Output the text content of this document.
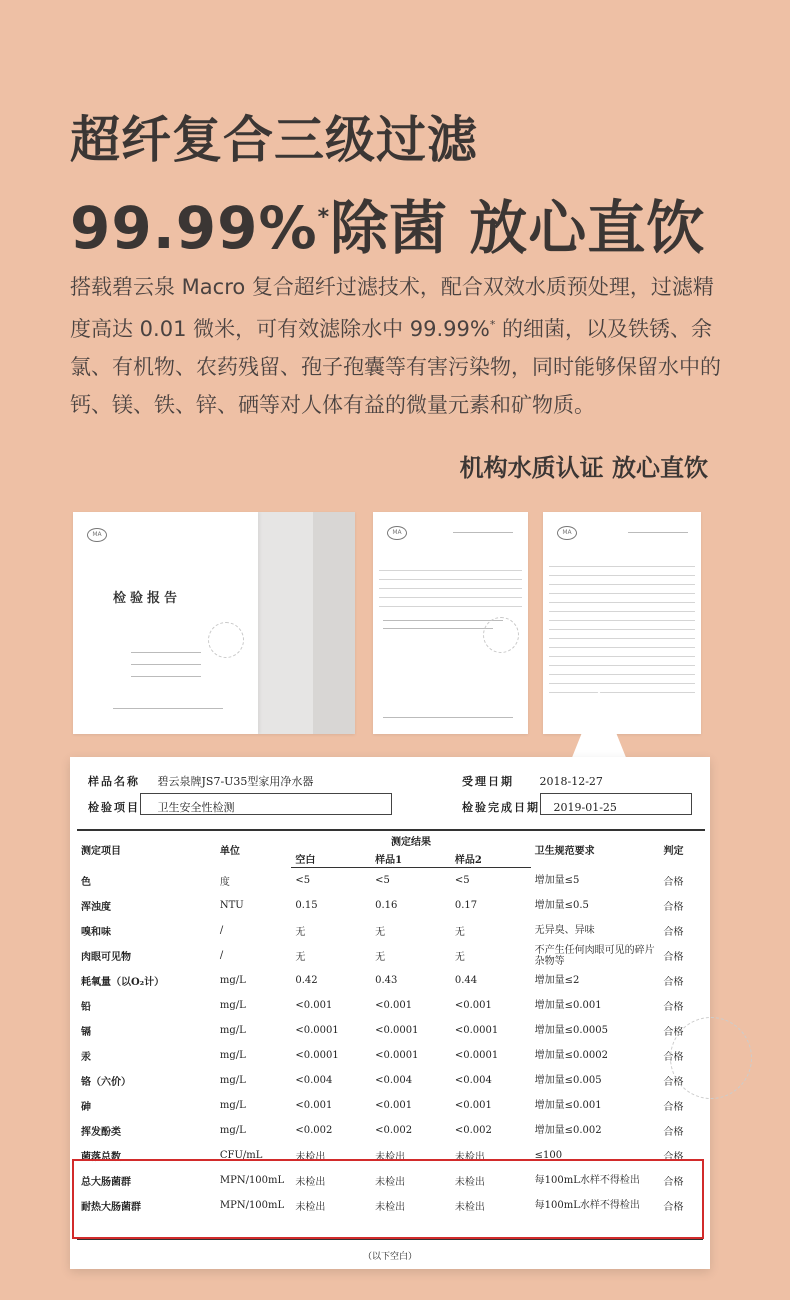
超纤复合三级过滤
99.99%*除菌 放心直饮

搭载碧云泉 Macro 复合超纤过滤技术，配合双效水质预处理，过滤精度高达 0.01 微米，可有效滤除水中 99.99%* 的细菌，以及铁锈、余氯、有机物、农药残留、孢子孢囊等有害污染物，同时能够保留水中的钙、镁、铁、锌、硒等对人体有益的微量元素和矿物质。

机构水质认证 放心直饮
MA
检验报告
MA	MA
样品名称 碧云泉牌JS7-U35型家用净水器	受理日期 2018-12-27
检验项目 卫生安全性检测	检验完成日期 2019-01-25
测定项目	单位	测定结果			卫生规范要求	判定
		空白	样品1	样品2		
色	度	<5	<5	<5	增加量≤5	合格
浑浊度	NTU	0.15	0.16	0.17	增加量≤0.5	合格
嗅和味	/	无	无	无	无异臭、异味	合格
肉眼可见物	/	无	无	无	不产生任何肉眼可见的碎片杂物等	合格
耗氧量（以O₂计）	mg/L	0.42	0.43	0.44	增加量≤2	合格
铅	mg/L	<0.001	<0.001	<0.001	增加量≤0.001	合格
镉	mg/L	<0.0001	<0.0001	<0.0001	增加量≤0.0005	合格
汞	mg/L	<0.0001	<0.0001	<0.0001	增加量≤0.0002	合格
铬（六价）	mg/L	<0.004	<0.004	<0.004	增加量≤0.005	合格
砷	mg/L	<0.001	<0.001	<0.001	增加量≤0.001	合格
挥发酚类	mg/L	<0.002	<0.002	<0.002	增加量≤0.002	合格
菌落总数	CFU/mL	未检出	未检出	未检出	≤100	合格
总大肠菌群	MPN/100mL	未检出	未检出	未检出	每100mL水样不得检出	合格
耐热大肠菌群	MPN/100mL	未检出	未检出	未检出	每100mL水样不得检出	合格
（以下空白）
